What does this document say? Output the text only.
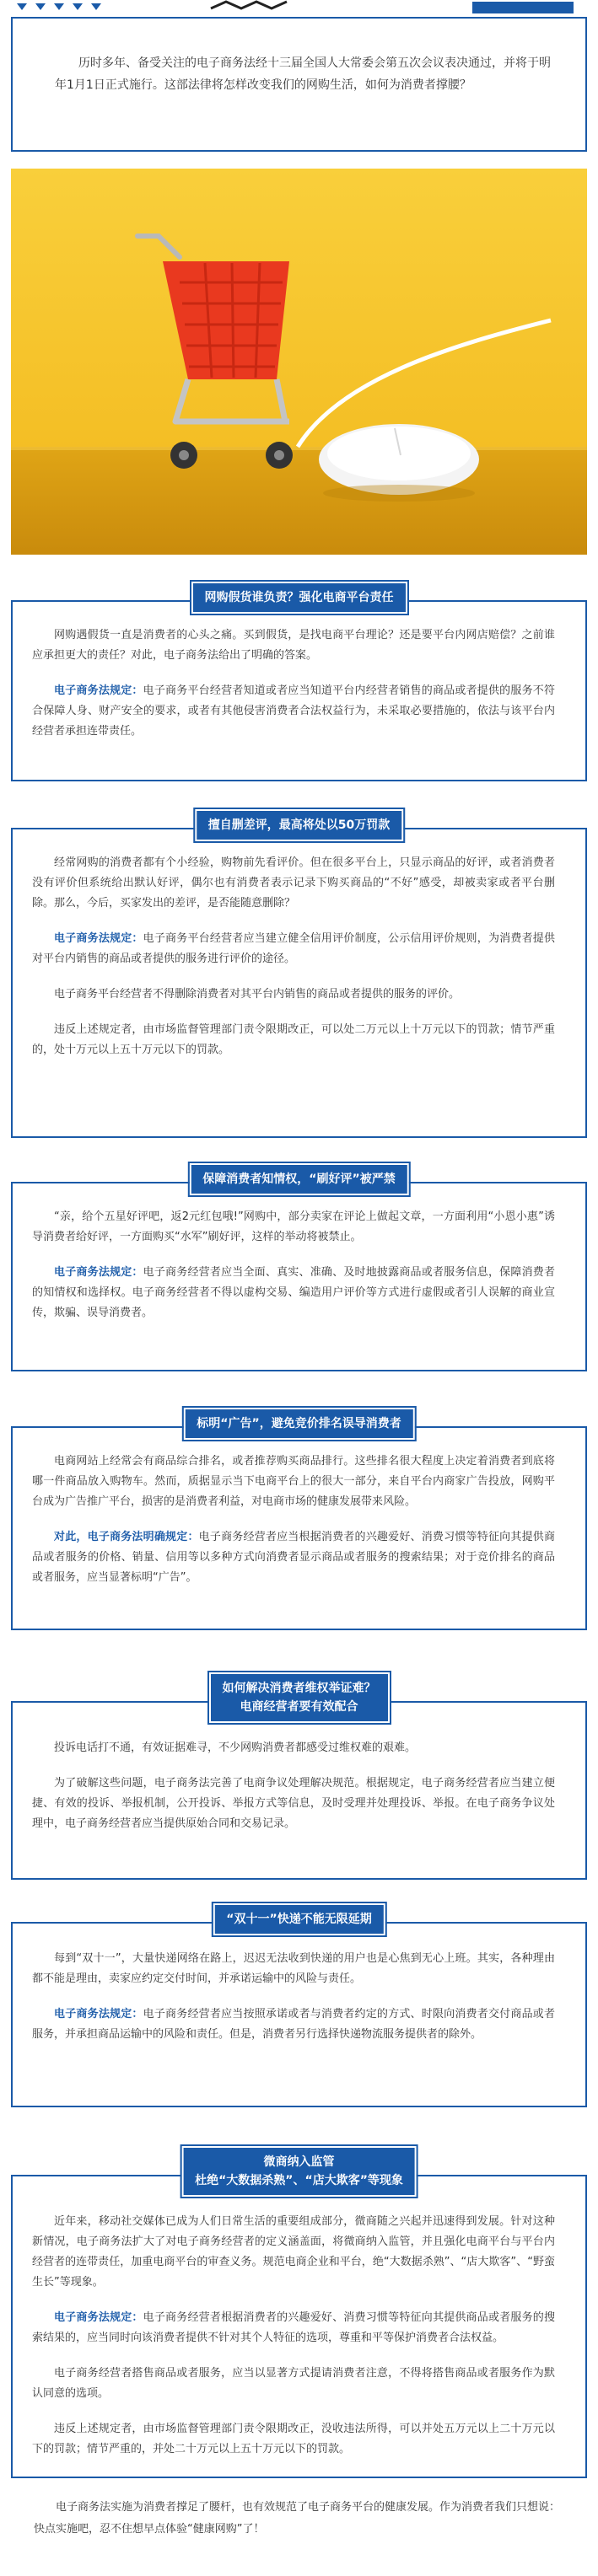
历时多年、备受关注的电子商务法经十三届全国人大常委会第五次会议表决通过，并将于明年1月1日正式施行。这部法律将怎样改变我们的网购生活，如何为消费者撑腰？

网购假货谁负责？强化电商平台责任

网购遇假货一直是消费者的心头之痛。买到假货，是找电商平台理论？还是要平台内网店赔偿？之前谁应承担更大的责任？对此，电子商务法给出了明确的答案。

电子商务法规定：电子商务平台经营者知道或者应当知道平台内经营者销售的商品或者提供的服务不符合保障人身、财产安全的要求，或者有其他侵害消费者合法权益行为，未采取必要措施的，依法与该平台内经营者承担连带责任。

擅自删差评，最高将处以50万罚款

经常网购的消费者都有个小经验，购物前先看评价。但在很多平台上，只显示商品的好评，或者消费者没有评价但系统给出默认好评，偶尔也有消费者表示记录下购买商品的“不好”感受，却被卖家或者平台删除。那么，今后，买家发出的差评，是否能随意删除？

电子商务法规定：电子商务平台经营者应当建立健全信用评价制度，公示信用评价规则，为消费者提供对平台内销售的商品或者提供的服务进行评价的途径。

电子商务平台经营者不得删除消费者对其平台内销售的商品或者提供的服务的评价。

违反上述规定者，由市场监督管理部门责令限期改正，可以处二万元以上十万元以下的罚款；情节严重的，处十万元以上五十万元以下的罚款。

保障消费者知情权，“刷好评”被严禁

“亲，给个五星好评吧，返2元红包哦!”网购中，部分卖家在评论上做起文章，一方面利用“小恩小惠”诱导消费者给好评，一方面购买“水军”刷好评，这样的举动将被禁止。

电子商务法规定：电子商务经营者应当全面、真实、准确、及时地披露商品或者服务信息，保障消费者的知情权和选择权。电子商务经营者不得以虚构交易、编造用户评价等方式进行虚假或者引人误解的商业宣传，欺骗、误导消费者。

标明“广告”，避免竞价排名误导消费者

电商网站上经常会有商品综合排名，或者推荐购买商品排行。这些排名很大程度上决定着消费者到底将哪一件商品放入购物车。然而，质据显示当下电商平台上的很大一部分，来自平台内商家广告投放，网购平台成为广告推广平台，损害的是消费者利益，对电商市场的健康发展带来风险。

对此，电子商务法明确规定：电子商务经营者应当根据消费者的兴趣爱好、消费习惯等特征向其提供商品或者服务的价格、销量、信用等以多种方式向消费者显示商品或者服务的搜索结果；对于竞价排名的商品或者服务，应当显著标明“广告”。

如何解决消费者维权举证难？
电商经营者要有效配合

投诉电话打不通，有效证据难寻，不少网购消费者都感受过维权难的艰难。

为了破解这些问题，电子商务法完善了电商争议处理解决规范。根据规定，电子商务经营者应当建立便捷、有效的投诉、举报机制，公开投诉、举报方式等信息，及时受理并处理投诉、举报。在电子商务争议处理中，电子商务经营者应当提供原始合同和交易记录。

“双十一”快递不能无限延期

每到“双十一”，大量快递网络在路上，迟迟无法收到快递的用户也是心焦到无心上班。其实，各种理由都不能是理由，卖家应约定交付时间，并承诺运输中的风险与责任。

电子商务法规定：电子商务经营者应当按照承诺或者与消费者约定的方式、时限向消费者交付商品或者服务，并承担商品运输中的风险和责任。但是，消费者另行选择快递物流服务提供者的除外。

微商纳入监管
杜绝“大数据杀熟”、“店大欺客”等现象

近年来，移动社交媒体已成为人们日常生活的重要组成部分，微商随之兴起并迅速得到发展。针对这种新情况，电子商务法扩大了对电子商务经营者的定义涵盖面，将微商纳入监管，并且强化电商平台与平台内经营者的连带责任，加重电商平台的审查义务。规范电商企业和平台，绝“大数据杀熟”、“店大欺客”、“野蛮生长”等现象。

电子商务法规定：电子商务经营者根据消费者的兴趣爱好、消费习惯等特征向其提供商品或者服务的搜索结果的，应当同时向该消费者提供不针对其个人特征的选项，尊重和平等保护消费者合法权益。

电子商务经营者搭售商品或者服务，应当以显著方式提请消费者注意，不得将搭售商品或者服务作为默认同意的选项。

违反上述规定者，由市场监督管理部门责令限期改正，没收违法所得，可以并处五万元以上二十万元以下的罚款；情节严重的，并处二十万元以上五十万元以下的罚款。

电子商务法实施为消费者撑足了腰杆，也有效规范了电子商务平台的健康发展。作为消费者我们只想说：快点实施吧，忍不住想早点体验“健康网购”了！
